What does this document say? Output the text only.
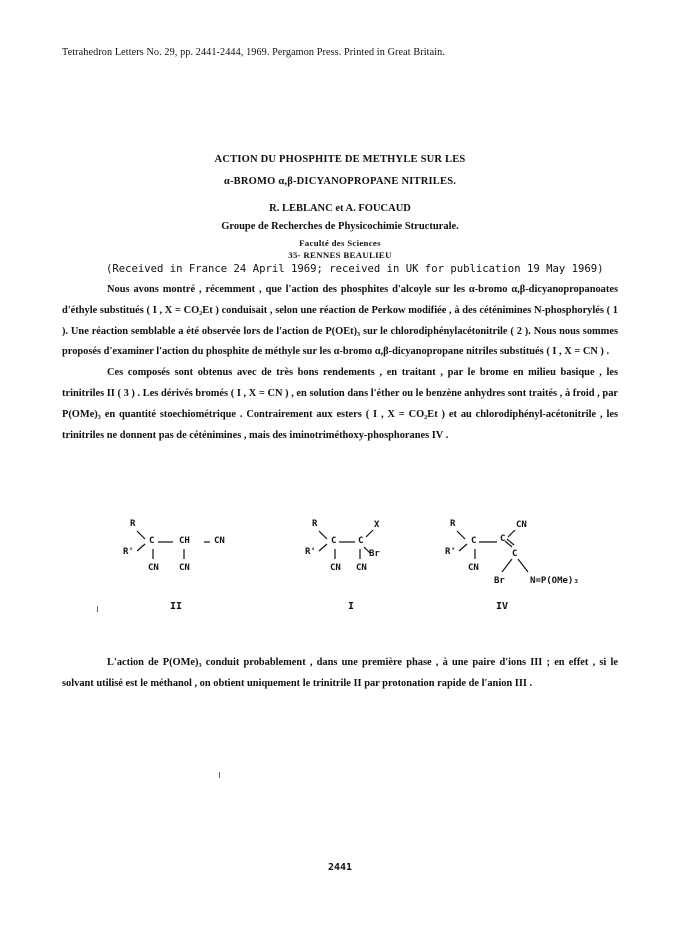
Tetrahedron Letters No. 29, pp. 2441-2444, 1969. Pergamon Press. Printed in Great Britain.
ACTION DU PHOSPHITE DE METHYLE SUR LES
α-BROMO α,β-DICYANOPROPANE NITRILES.
R. LEBLANC et A. FOUCAUD
Groupe de Recherches de Physicochimie Structurale.
Faculté des Sciences
35- RENNES BEAULIEU
(Received in France 24 April 1969; received in UK for publication 19 May 1969)

Nous avons montré , récemment , que l'action des phosphites d'alcoyle sur les α-bromo α,β-dicyanopropanoates d'éthyle substitués ( I , X = CO₂Et ) conduisait , selon une réaction de Perkow modifiée , à des céténimines N-phosphorylés ( 1 ). Une réaction semblable a été observée lors de l'action de P(OEt)₃ sur le chlorodiphénylacétonitrile ( 2 ). Nous nous sommes proposés d'examiner l'action du phosphite de méthyle sur les α-bromo α,β-dicyanopropane nitriles substitués ( I , X = CN ) .

Ces composés sont obtenus avec de très bons rendements , en traitant , par le brome en milieu basique , les trinitriles II ( 3 ) . Les dérivés bromés ( I , X = CN ) , en solution dans l'éther ou le benzène anhydres sont traités , à froid , par P(OMe)₃ en quantité stoechiométrique . Contrairement aux esters ( I , X = CO₂Et ) et au chlorodiphényl-acétonitrile , les trinitriles ne donnent pas de céténimines , mais des iminotriméthoxy-phosphoranes IV .

R
R'
C	CH	CN
CN CN
II
R
R'
C C
X
Br
CN CN
I
R
R'
C	C
CN
C
CN
Br	N=P(OMe)₃
IV

L'action de P(OMe)₃ conduit probablement , dans une première phase , à une paire d'ions III ; en effet , si le solvant utilisé est le méthanol , on obtient uniquement le trinitrile II par protonation rapide de l'anion III .

2441
